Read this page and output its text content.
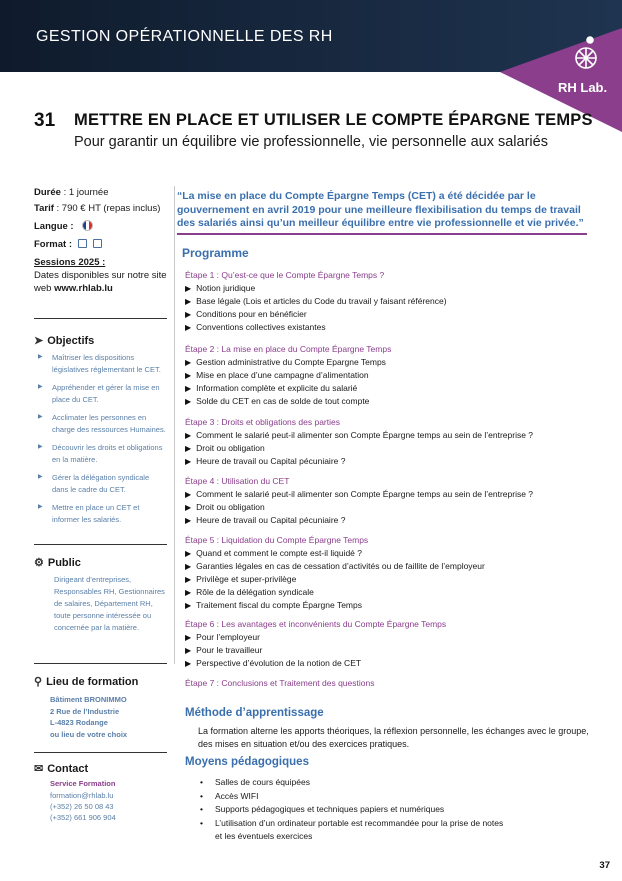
GESTION OPÉRATIONNELLE DES RH
RH Lab.
31 METTRE EN PLACE ET UTILISER LE COMPTE ÉPARGNE TEMPS
Pour garantir un équilibre vie professionnelle, vie personnelle aux salariés
Durée : 1 journée
Tarif : 790 € HT (repas inclus)
Langue :
Format :
Sessions 2025 :
Dates disponibles sur notre site
web www.rhlab.lu
➤ Objectifs
▶ Maîtriser les dispositions législatives réglementant le CET.
▶ Appréhender et gérer la mise en place du CET.
▶ Acclimater les personnes en charge des ressources Humaines.
▶ Découvrir les droits et obligations en la matière.
▶ Gérer la délégation syndicale dans le cadre du CET.
▶ Mettre en place un CET et informer les salariés.
⚙ Public
Dirigeant d’entreprises, Responsables RH, Gestionnaires de salaires, Département RH, toute personne intéressée ou concernée par la matière.
⚲ Lieu de formation
Bâtiment BRONIMMO
2 Rue de l’Industrie
L-4823 Rodange
ou lieu de votre choix
✉ Contact
Service Formation
formation@rhlab.lu
(+352) 26 50 08 43
(+352) 661 906 904
“La mise en place du Compte Épargne Temps (CET) a été décidée par le gouvernement en avril 2019 pour une meilleure flexibilisation du temps de travail des salariés ainsi qu’un meilleur équilibre entre vie professionnelle et vie privée.”
Programme
Étape 1 : Qu’est-ce que le Compte Épargne Temps ?
▶ Notion juridique
▶ Base légale (Lois et articles du Code du travail y faisant référence)
▶ Conditions pour en bénéficier
▶ Conventions collectives existantes
Étape 2 : La mise en place du Compte Épargne Temps
▶ Gestion administrative du Compte Epargne Temps
▶ Mise en place d’une campagne d’alimentation
▶ Information complète et explicite du salarié
▶ Solde du CET en cas de solde de tout compte
Étape 3 : Droits et obligations des parties
▶ Comment le salarié peut-il alimenter son Compte Épargne temps au sein de l’entreprise ?
▶ Droit ou obligation
▶ Heure de travail ou Capital pécuniaire ?
Étape 4 : Utilisation du CET
▶ Comment le salarié peut-il alimenter son Compte Épargne temps au sein de l’entreprise ?
▶ Droit ou obligation
▶ Heure de travail ou Capital pécuniaire ?
Étape 5 : Liquidation du Compte Épargne Temps
▶ Quand et comment le compte est-il liquidé ?
▶ Garanties légales en cas de cessation d’activités ou de faillite de l’employeur
▶ Privilège et super-privilège
▶ Rôle de la délégation syndicale
▶ Traitement fiscal du compte Épargne Temps
Étape 6 : Les avantages et inconvénients du Compte Épargne Temps
▶ Pour l’employeur
▶ Pour le travailleur
▶ Perspective d’évolution de la notion de CET
Étape 7 : Conclusions et Traitement des questions
Méthode d’apprentissage
La formation alterne les apports théoriques, la réflexion personnelle, les échanges avec le groupe, des mises en situation et/ou des exercices pratiques.
Moyens pédagogiques
• Salles de cours équipées
• Accès WIFI
• Supports pédagogiques et techniques papiers et numériques
• L’utilisation d’un ordinateur portable est recommandée pour la prise de notes et les éventuels exercices
37
